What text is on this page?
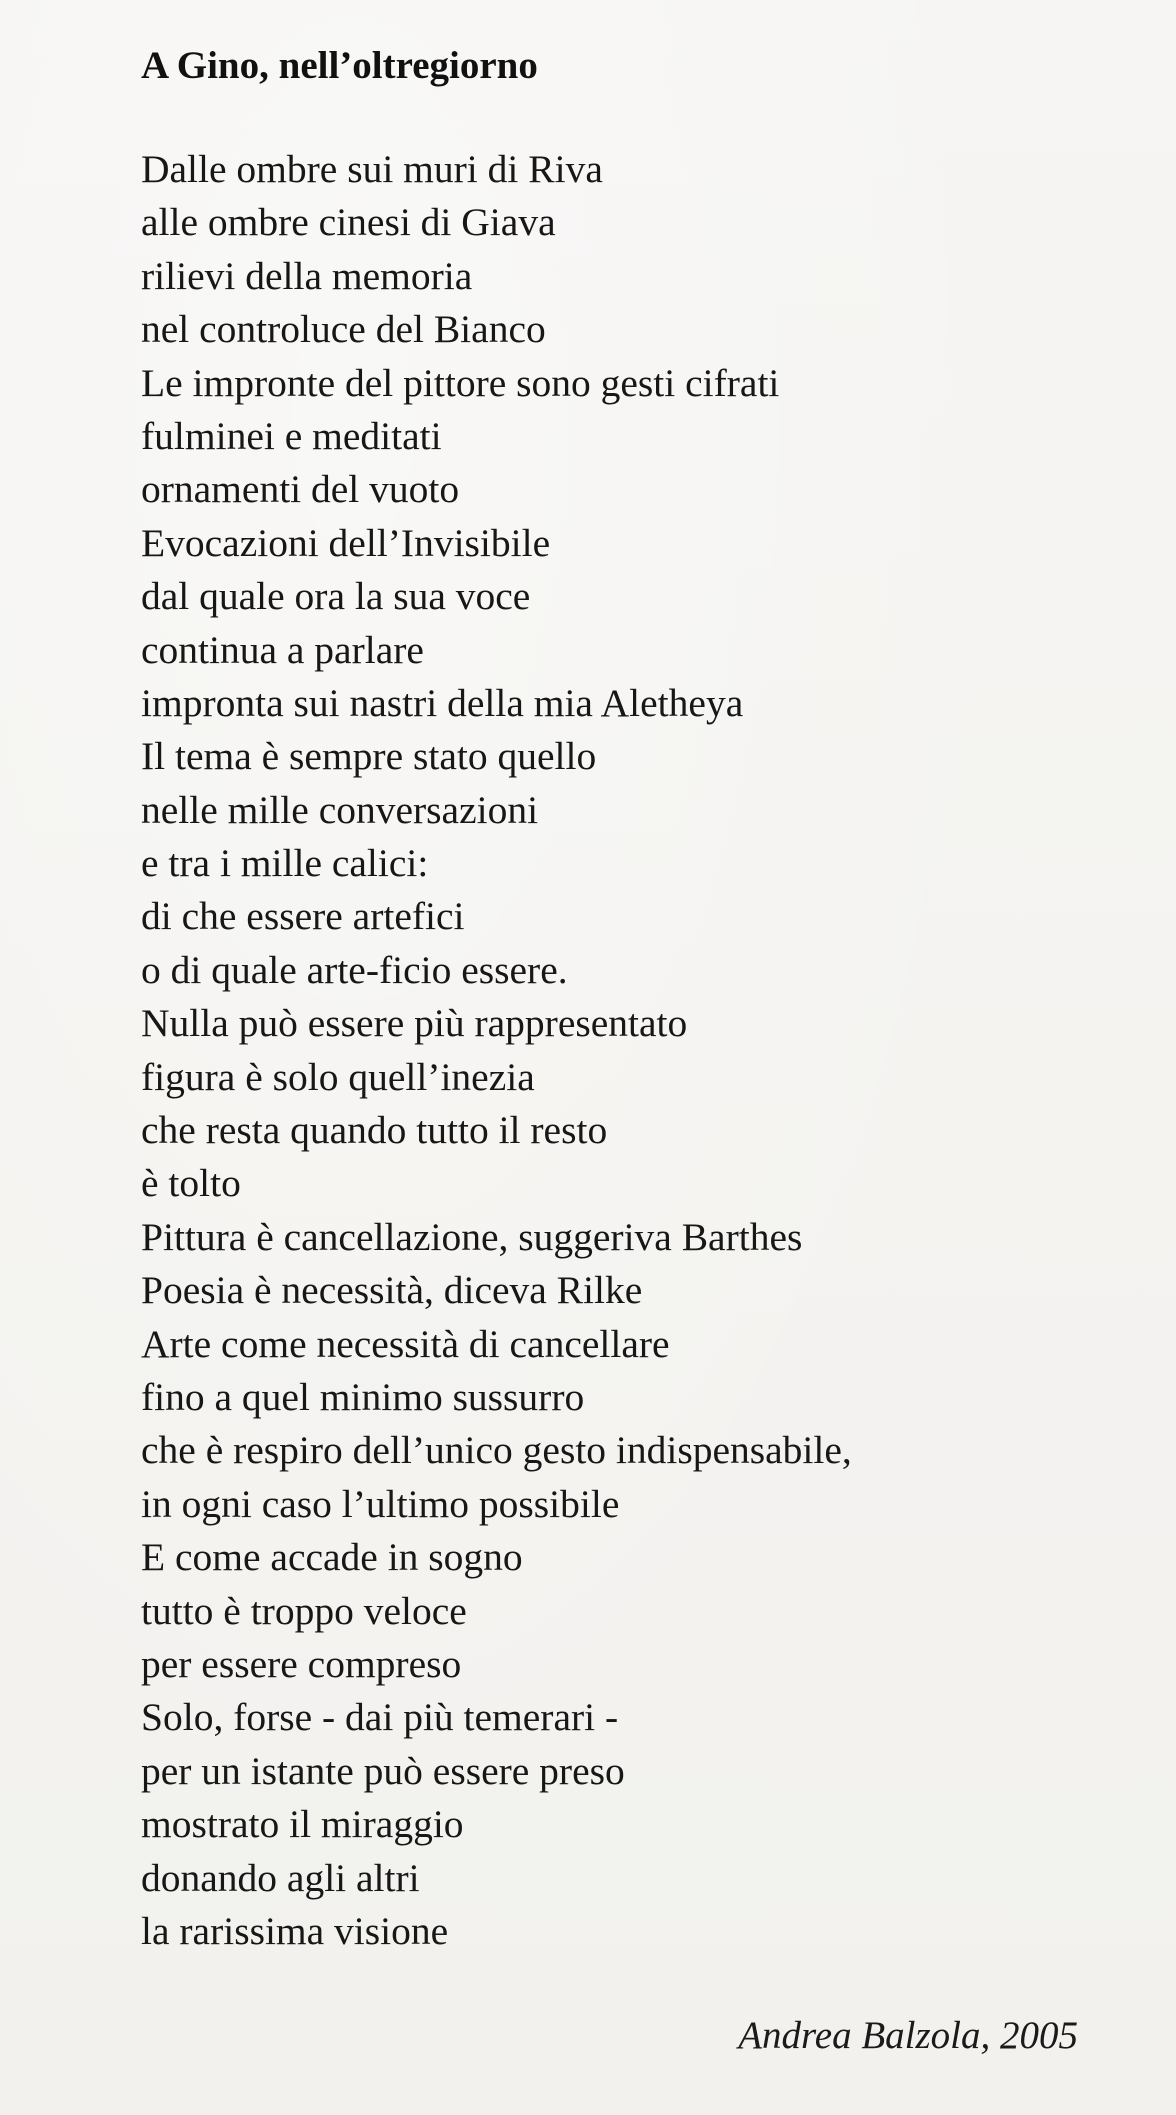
A Gino, nell’oltregiorno
Dalle ombre sui muri di Riva
alle ombre cinesi di Giava
rilievi della memoria
nel controluce del Bianco
Le impronte del pittore sono gesti cifrati
fulminei e meditati
ornamenti del vuoto
Evocazioni dell’Invisibile
dal quale ora la sua voce
continua a parlare
impronta sui nastri della mia Aletheya
Il tema è sempre stato quello
nelle mille conversazioni
e tra i mille calici:
di che essere artefici
o di quale arte-ficio essere.
Nulla può essere più rappresentato
figura è solo quell’inezia
che resta quando tutto il resto
è tolto
Pittura è cancellazione, suggeriva Barthes
Poesia è necessità, diceva Rilke
Arte come necessità di cancellare
fino a quel minimo sussurro
che è respiro dell’unico gesto indispensabile,
in ogni caso l’ultimo possibile
E come accade in sogno
tutto è troppo veloce
per essere compreso
Solo, forse - dai più temerari -
per un istante può essere preso
mostrato il miraggio
donando agli altri
la rarissima visione

Andrea Balzola, 2005
